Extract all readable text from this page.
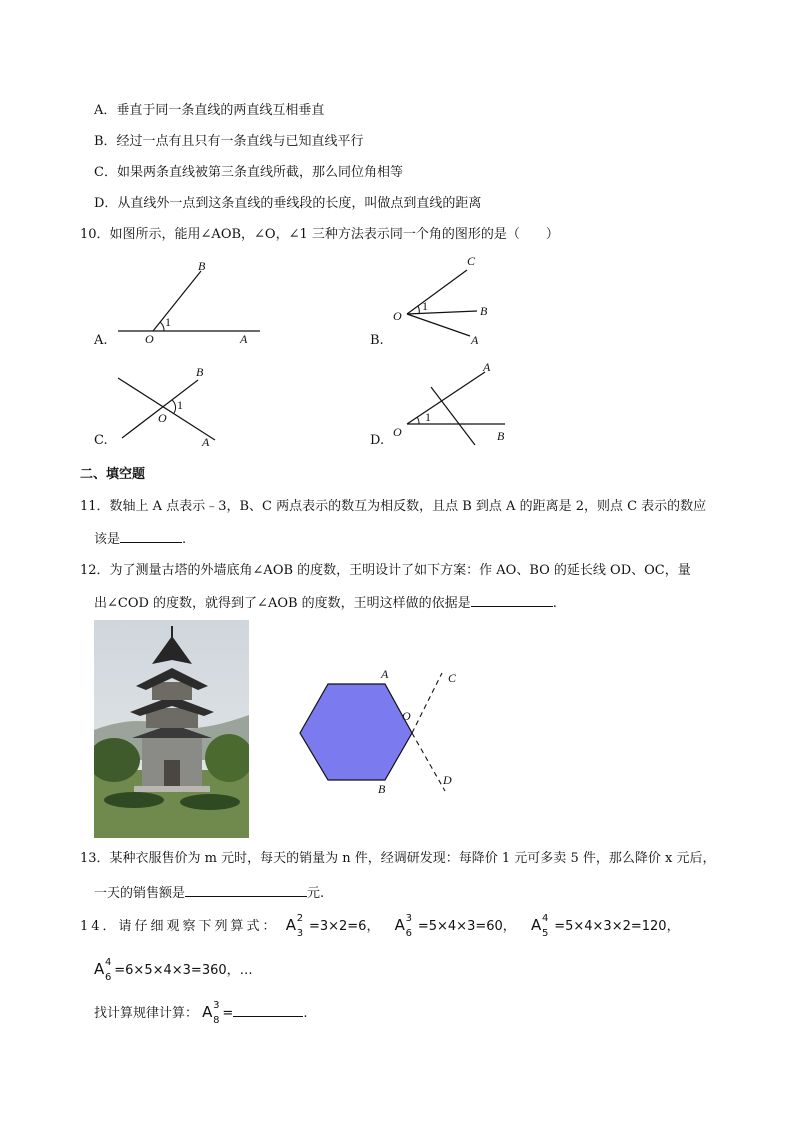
A．垂直于同一条直线的两直线互相垂直
B．经过一点有且只有一条直线与已知直线平行
C．如果两条直线被第三条直线所截，那么同位角相等
D．从直线外一点到这条直线的垂线段的长度，叫做点到直线的距离
10．如图所示，能用∠AOB，∠O，∠1 三种方法表示同一个角的图形的是（　　）
A.
B
1
O	A	B.
C
1
O	B
A
C.
B
1
O
A	D.
A
1
O	B
二、填空题
11．数轴上 A 点表示﹣3，B、C 两点表示的数互为相反数，且点 B 到点 A 的距离是 2，则点 C 表示的数应
该是	.
12．为了测量古塔的外墙底角∠AOB 的度数，王明设计了如下方案：作 AO、BO 的延长线 OD、OC，量
出∠COD 的度数，就得到了∠AOB 的度数，王明这样做的依据是	.
A	C
O
D
B
13．某种衣服售价为 m 元时，每天的销量为 n 件，经调研发现：每降价 1 元可多卖 5 件，那么降价 x 元后，
一天的销售额是	元.
14．请仔细观察下列算式： A
2
3 =3×2=6， A
3
6 =5×4×3=60， A
4
5 =5×4×3×2=120，
A 4
6 =6×5×4×3=360，…
找计算规律计算： A 3
8 =	.
